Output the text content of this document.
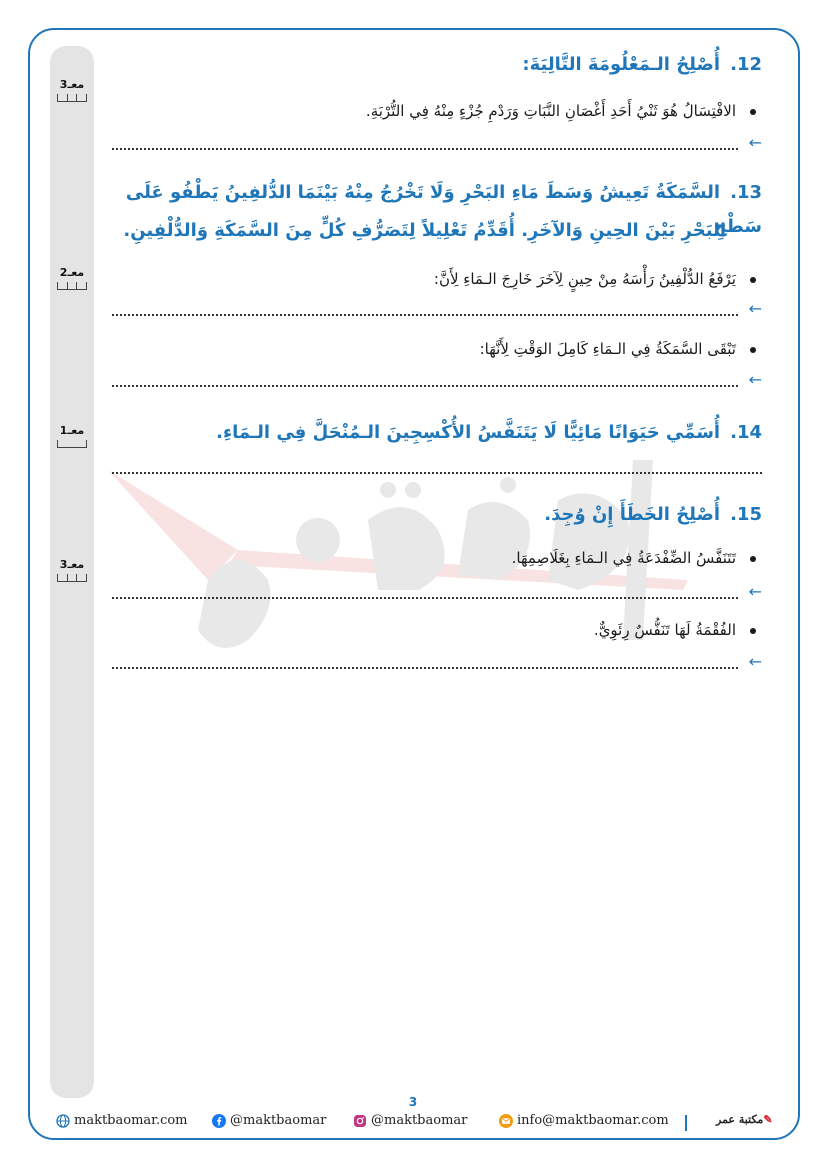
معـ3
معـ2
معـ1
معـ3
12.أُصْلِحُ الـمَعْلُومَةَ التَّالِيَةَ:
الافْتِسَالُ هُوَ ثَنْيُ أَحَدِ أَغْصَانِ النَّبَاتِ وَرَدْمِ جُزْءٍ مِنْهُ فِي التُّرْبَةِ.
←
13.السَّمَكَةُ تَعِيشُ وَسَطَ مَاءِ البَحْرِ وَلَا تَخْرُجُ مِنْهُ بَيْنَمَا الدُّلفِينُ يَطْفُو عَلَى سَطْحِ
البَحْرِ بَيْنَ الحِينِ وَالآخَرِ. أُقَدِّمُ تَعْلِيلاً لِتَصَرُّفِ كُلٍّ مِنَ السَّمَكَةِ وَالدُّلْفِينِ.
يَرْفَعُ الدُّلْفِينُ رَأْسَهُ مِنْ حِينٍ لِآخَرَ خَارِجَ الـمَاءِ لِأَنَّ:
←
تَبْقَى السَّمَكَةُ فِي الـمَاءِ كَامِلَ الوَقْتِ لِأَنَّهَا:
←
14.أُسَمِّي حَيَوَانًا مَائِيًّا لَا يَتَنَفَّسُ الأُكْسِجِينَ الـمُنْحَلَّ فِي الـمَاءِ.
15.أُصْلِحُ الخَطَأَ إِنْ وُجِدَ.
تَتَنَفَّسُ الضِّفْدَعَةُ فِي الـمَاءِ بِغَلَاصِمِهَا.
←
الفُقْمَةُ لَهَا تَنَفُّسٌ رِئَوِيٌّ.
←
3
maktbaomar.com	@maktbaomar	@maktbaomar	info@maktbaomar.com	✎مكتبة عمر
